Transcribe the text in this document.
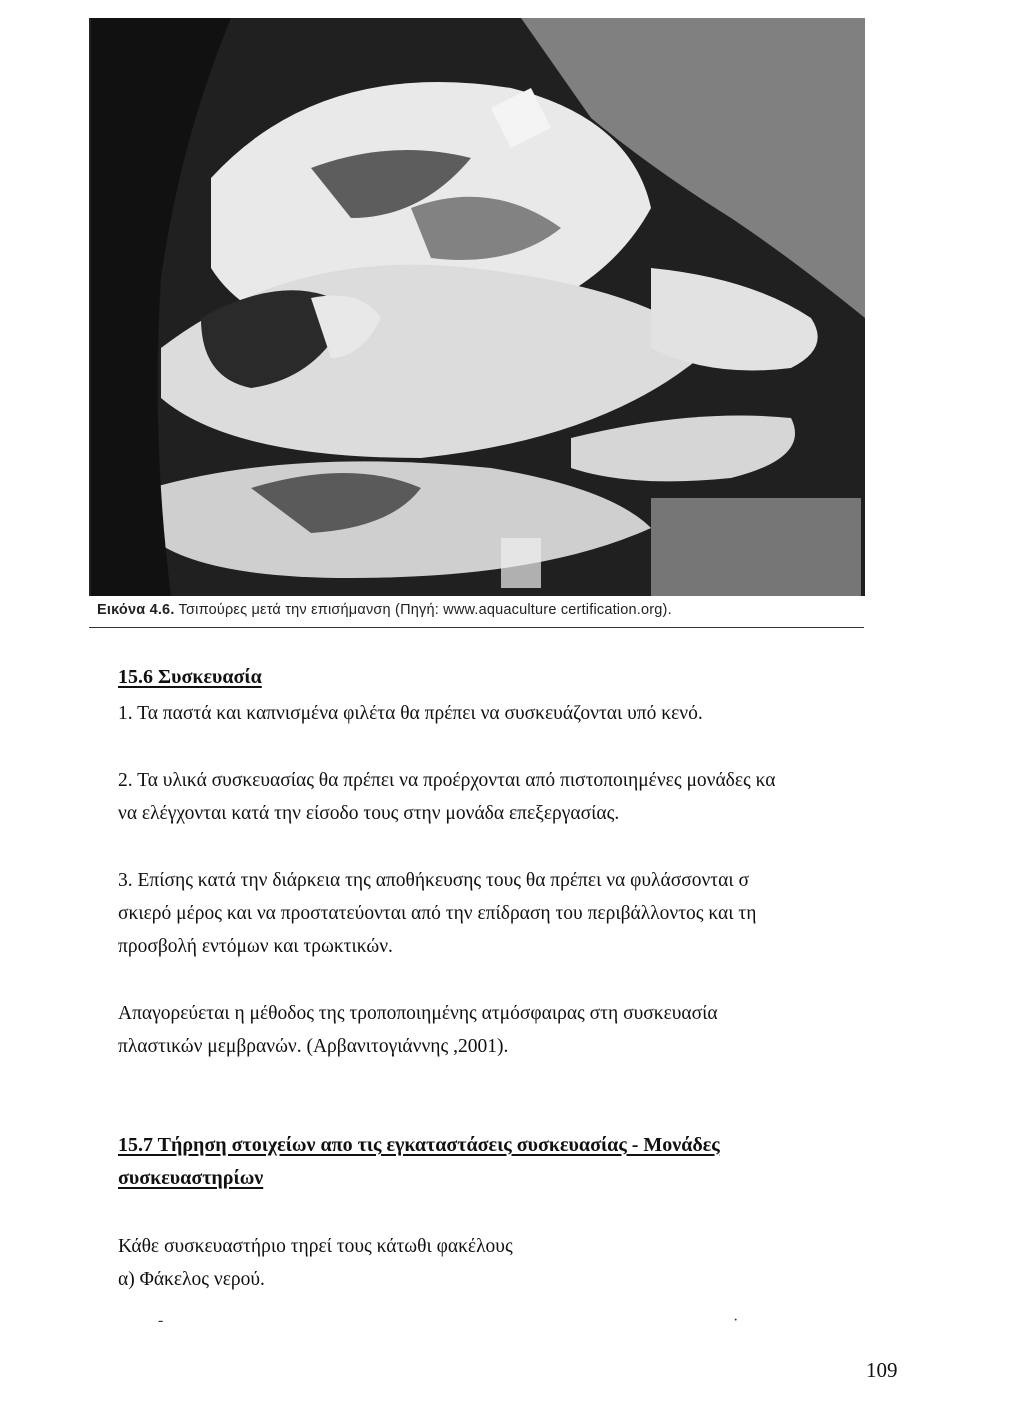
Εικόνα 4.6. Τσιπούρες μετά την επισήμανση (Πηγή: www.aquaculture certification.org).
15.6 Συσκευασία
1. Τα παστά και καπνισμένα φιλέτα θα πρέπει να συσκευάζονται υπό κενό.
2. Τα υλικά συσκευασίας θα πρέπει να προέρχονται από πιστοποιημένες μονάδες κα
να ελέγχονται κατά την είσοδο τους στην μονάδα επεξεργασίας.
3. Επίσης κατά την διάρκεια της αποθήκευσης τους θα πρέπει να φυλάσσονται σ
σκιερό μέρος και να προστατεύονται από την επίδραση του περιβάλλοντος και τη
προσβολή εντόμων και τρωκτικών.
Απαγορεύεται η μέθοδος της τροποποιημένης ατμόσφαιρας στη συσκευασία
πλαστικών μεμβρανών. (Αρβανιτογιάννης ,2001).
15.7 Τήρηση στοιχείων απο τις εγκαταστάσεις συσκευασίας - Μονάδες
συσκευαστηρίων
Κάθε συσκευαστήριο τηρεί τους κάτωθι φακέλους
α) Φάκελος νερού.
-	·
109
